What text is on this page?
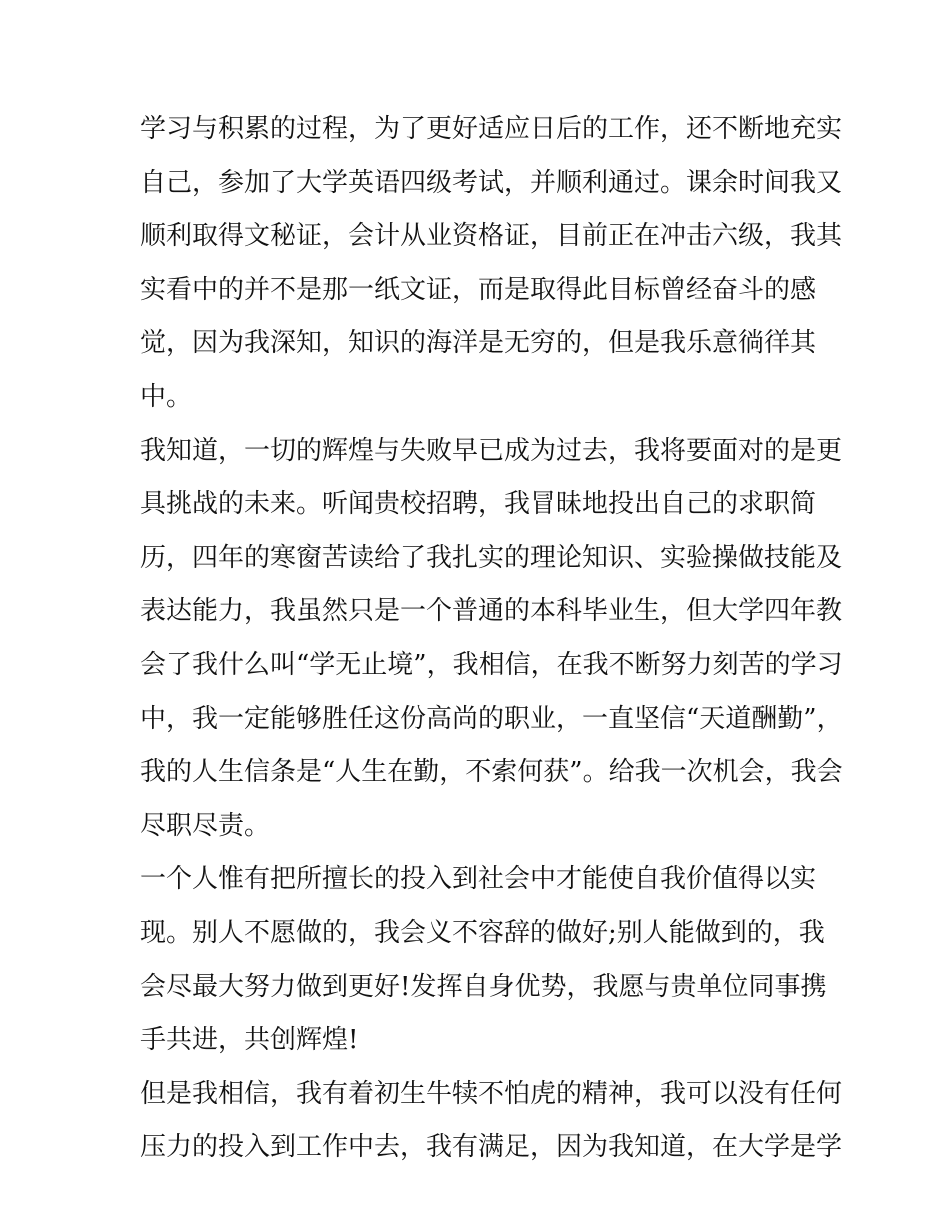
学习与积累的过程，为了更好适应日后的工作，还不断地充实
自己，参加了大学英语四级考试，并顺利通过。课余时间我又
顺利取得文秘证，会计从业资格证，目前正在冲击六级，我其
实看中的并不是那一纸文证，而是取得此目标曾经奋斗的感
觉，因为我深知，知识的海洋是无穷的，但是我乐意徜徉其
中。

我知道，一切的辉煌与失败早已成为过去，我将要面对的是更
具挑战的未来。听闻贵校招聘，我冒昧地投出自己的求职简
历，四年的寒窗苦读给了我扎实的理论知识、实验操做技能及
表达能力，我虽然只是一个普通的本科毕业生，但大学四年教
会了我什么叫“学无止境”，我相信，在我不断努力刻苦的学习
中，我一定能够胜任这份高尚的职业，一直坚信“天道酬勤”，
我的人生信条是“人生在勤，不索何获”。给我一次机会，我会
尽职尽责。

一个人惟有把所擅长的投入到社会中才能使自我价值得以实
现。别人不愿做的，我会义不容辞的做好;别人能做到的，我
会尽最大努力做到更好!发挥自身优势，我愿与贵单位同事携
手共进，共创辉煌!

但是我相信，我有着初生牛犊不怕虎的精神，我可以没有任何
压力的投入到工作中去，我有满足，因为我知道，在大学是学
